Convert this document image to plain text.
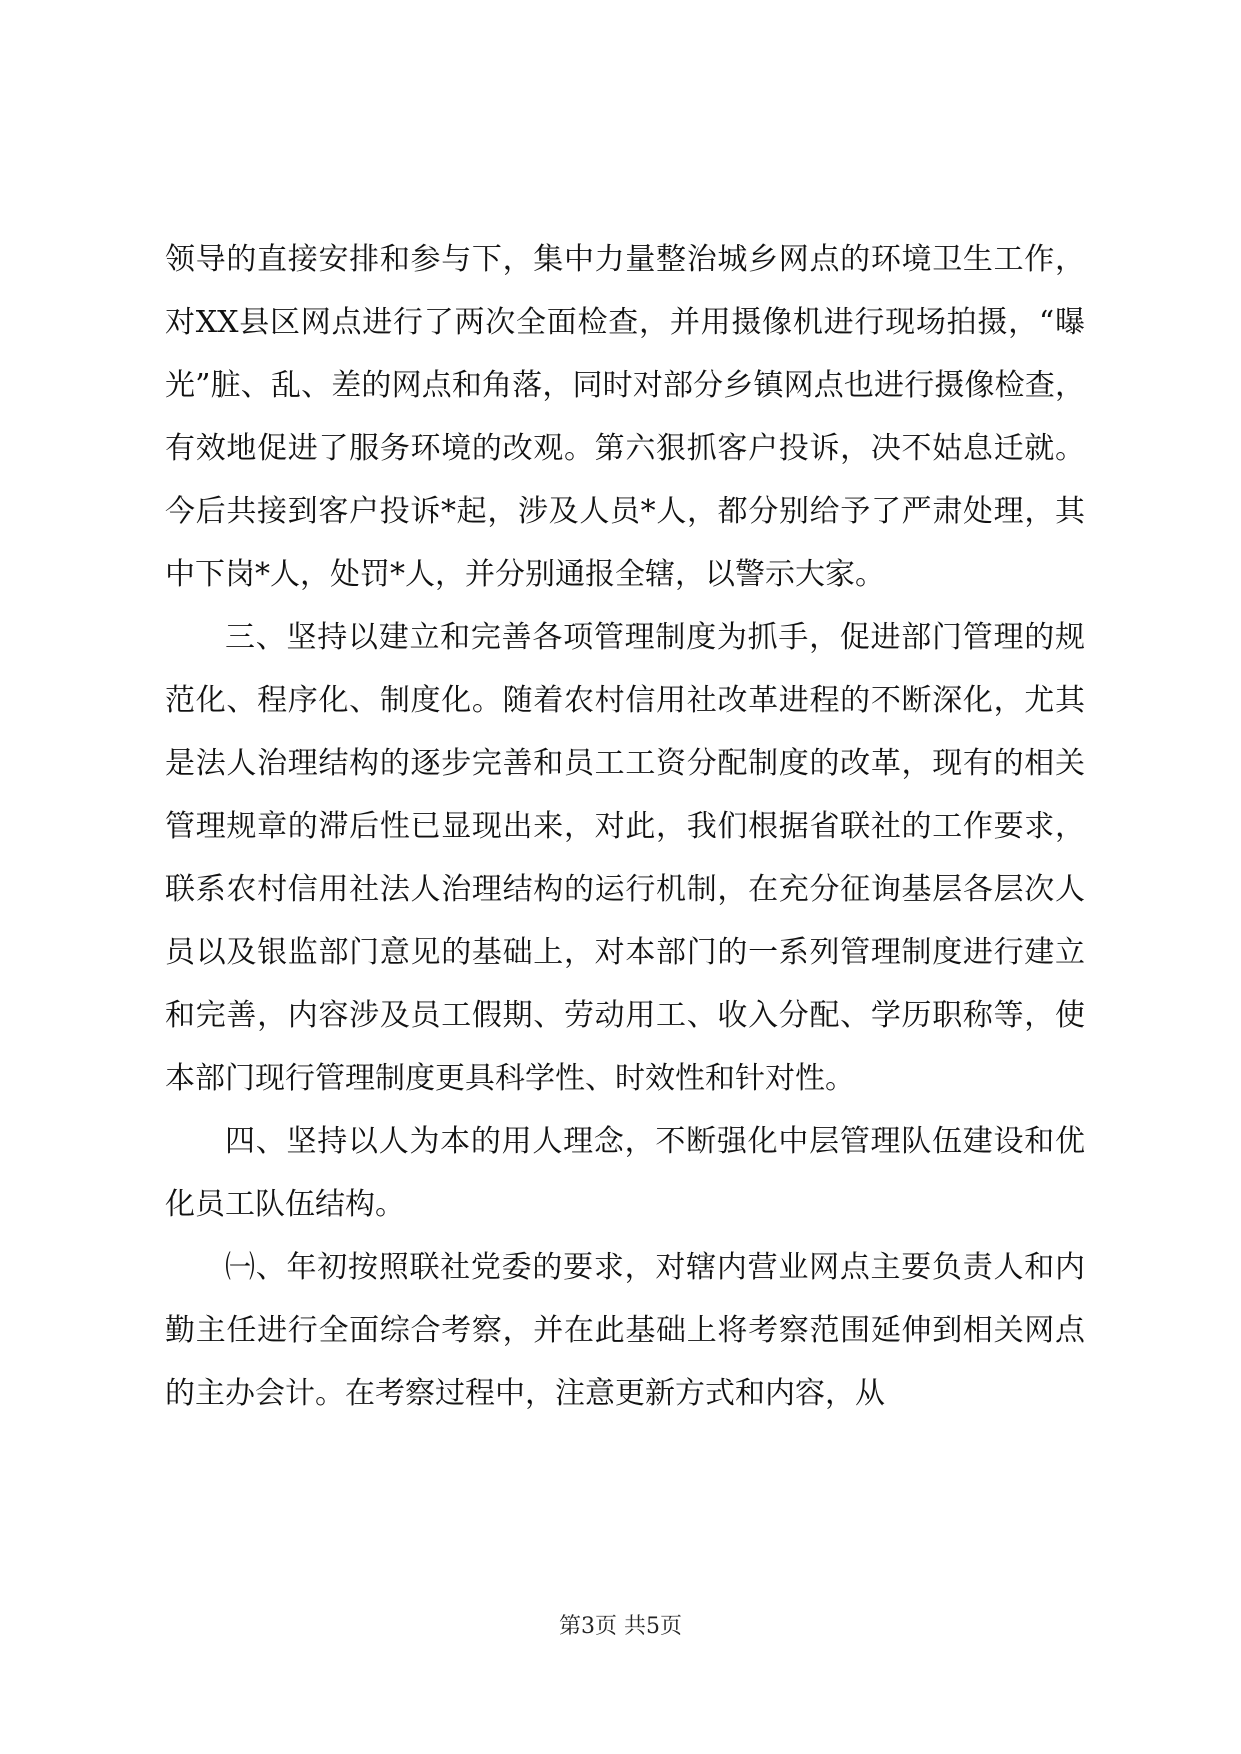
领导的直接安排和参与下，集中力量整治城乡网点的环境卫生工作，对XX县区网点进行了两次全面检查，并用摄像机进行现场拍摄，“曝光”脏、乱、差的网点和角落，同时对部分乡镇网点也进行摄像检查，有效地促进了服务环境的改观。第六狠抓客户投诉，决不姑息迁就。今后共接到客户投诉*起，涉及人员*人，都分别给予了严肃处理，其中下岗*人，处罚*人，并分别通报全辖，以警示大家。

三、坚持以建立和完善各项管理制度为抓手，促进部门管理的规范化、程序化、制度化。随着农村信用社改革进程的不断深化，尤其是法人治理结构的逐步完善和员工工资分配制度的改革，现有的相关管理规章的滞后性已显现出来，对此，我们根据省联社的工作要求，联系农村信用社法人治理结构的运行机制，在充分征询基层各层次人员以及银监部门意见的基础上，对本部门的一系列管理制度进行建立和完善，内容涉及员工假期、劳动用工、收入分配、学历职称等，使本部门现行管理制度更具科学性、时效性和针对性。

四、坚持以人为本的用人理念，不断强化中层管理队伍建设和优化员工队伍结构。

㈠、年初按照联社党委的要求，对辖内营业网点主要负责人和内勤主任进行全面综合考察，并在此基础上将考察范围延伸到相关网点的主办会计。在考察过程中，注意更新方式和内容，从

第3页 共5页
